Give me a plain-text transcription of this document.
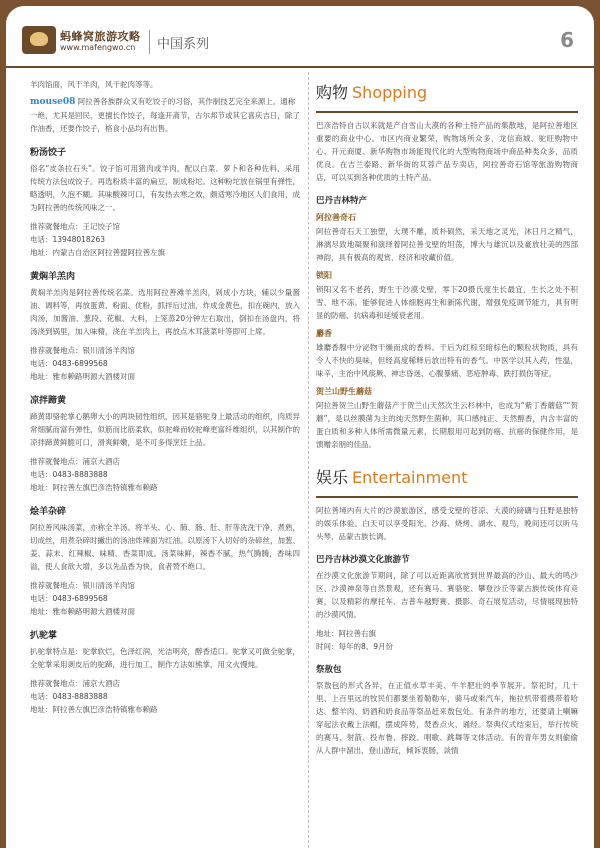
蚂蜂窝旅游攻略
www.mafengwo.cn 中国系列	6
羊肉馅面，风干羊肉，风干驼肉等等。
mouse08 阿拉善各族群众又有吃饺子的习俗，其作制技艺完全来源上。通称一绝，尤其是回民，更擅长作饺子，每逢开斋节，古尔邦节或其它喜庆吉日，除了作油香，还要作饺子，格食小品均有出售。
粉汤饺子
俗名“皮条拉石头”。饺子馅可用猪肉或羊肉，配以白菜、萝卜和各种佐料，采用传统方法包成饺子。再选粉质丰富的扁豆，制成粉坨。这种粉坨放在锅里有弹性，略透明，久泡不糊。其味酸辣可口，有发热去寒之效，颇适寒冷地区人们食用，成为阿拉善的传统风味之一。
推荐就餐地点：王记饺子馆
电话：13948018263
地址：内蒙古自治区阿拉善盟阿拉善左旗
黄焖羊羔肉
黄焖羊羔肉是阿拉善传统名菜。选用阿拉善滩羊羔肉，剁成小方块，辅以少量酱油、调料等，再放蛋黄、粉面、优粉，抓拌后过油，炸成金黄色，扣在碗内，放入肉汤，加酱油、葱段、花椒、大料，上笼蒸20分钟左右取出，倒扣在汤盘内，将汤浇到锅里，加入味精，浇在羊羔肉上，再放点木耳菠菜叶等即可上席。
推荐就餐地点：银川清汤羊肉馆
电话：0483-6899568
地址：雅布赖路明源大酒楼对面
凉拌蹄黄
蹄黄即骆驼掌心鹅卵大小的两块韧性组织，因其是骆驼身上最活动的组织，肉质异常细腻而富有弹性，似筋而比筋柔软，似驼峰而较驼峰更富纤维组织，以其制作的凉拌蹄黄鲜脆可口，滑爽鲜嫩，是不可多得烹饪上品。
推荐就餐地点：浦京大酒店
电话：0483-8883888
地址：阿拉善左旗巴彦浩特镇雅布赖路
烩羊杂碎
阿拉善风味汤菜，亦称全羊汤。将羊头、心、肺、肠、肚、肝等洗洗干净，煮熟，切成丝，用煮杂碎时撇出的汤油炸辣面为红油。以原汤下入切好的杂碎丝，加葱、姜、蒜末、红辣椒、味精、香菜即成。汤菜味鲜，辣香不腻，热气腾腾，香味四溢，使人食欲大增，多以先品香为快，食者赞不绝口。
推荐就餐地点：银川清汤羊肉馆
电话：0483-6899568
地址：雅布赖路明源大酒楼对面
扒驼掌
扒驼掌特点是：驼掌软烂，色泽红润，光洁明亮，醇香适口。驼掌又可做全驼掌，全驼掌采用剥皮后的驼蹄，进行加工，制作方法如熊掌，用文火慢炖。
推荐就餐地点：浦京大酒店
电话：0483-8883888
地址：阿拉善左旗巴彦浩特镇雅布赖路
购物 Shopping
巴彦浩特自古以来就是产自雪山大漠的各种土特产品的集散地，是阿拉善地区重要的商业中心。市区内商业繁荣，购物场所众多，龙信商城、驼旺购物中心、开元商厦、新华购物市场能现代化的大型购物商场中商品种类众多，品质优良。在吉兰泰路、新华街的苁蓉产品专卖店，阿拉善奇石馆等旅游购物商店，可以买到各种优质的土特产品。
巴丹吉林特产
阿拉善奇石
阿拉善奇石天工独塑，大璞不雕，质朴硕然，采天地之灵光，沐日月之精气，淋漓尽致地凝聚和演绎着阿拉善戈壁的坦荡，博大与雄沉以及豪放壮美的西部神韵，具有极高的观赏、经济和收藏价值。
锁阳
锁阳又名不老药，野生于沙漠戈壁，零下20摄氏度生长最宜，生长之处不积雪、地不冻。能够促进人体细胞再生和新陈代谢，增强免疫调节能力，具有明显的防癌、抗病毒和延缓衰老用。
麝香
雄麝香腺中分泌物干燥而成的香料。干后为红棕至暗棕色的颗粒状物质，具有令人不快的臭味，但经高度稀释后放出特有的香气。中医学以其入药，性温，味辛，主治中风痰厥、神志昏迷、心腹暴痛、恶疮肿毒、跌打损伤等症。
贺兰山野生蘑菇
阿拉善贺兰山野生蘑菇产于贺兰山天然次生云杉林中，也成为“紫丁香蘑菇”“贺蘑”，是以丝膜菌为主的纯天然野生菌种，其口感纯正、天然醇香，内含丰富的蛋白质和多种人体所需微量元素，长期服用可起到防癌、抗癌的保健作用，是馈赠亲朋的佳品。
娱乐 Entertainment
阿拉善境内有大片的沙漠旅游区，感受戈壁的苍凉、大漠的磅礴与狂野是独特的娱乐体验。白天可以享受阳光、沙海、烧烤、湖水、观鸟，晚间还可以听马头琴，品蒙古族长调。
巴丹吉林沙漠文化旅游节
在沙漠文化旅游节期间，除了可以近距离欣赏到世界最高的沙山、最大的鸣沙区、沙漠神泉等自然景观，还有赛马、赛骆驼、攀登沙丘等蒙古族传统体育竞赛，以及精彩的摩托车、吉普车越野赛、摄影、奇石展览活动，尽情展现独特的沙漠风情。
地址：阿拉善右旗
时间：每年的8、9月份
祭敖包
祭敖包的形式各异，在正值水草丰美、牛羊肥壮的季节展开。祭祀时，几十里、上百里远的牧民们都要坐着勒勒车，骑马或乘汽车，拖拉机带着携带着哈达、整羊肉、奶酒和奶食品等祭品赶来敖包处。有条件的地方，还要请上喇嘛穿起法衣戴上法帽，摆成阵势，焚香点火、诵经。祭典仪式结束后，举行传统的赛马、射箭、投布鲁、摔跤、唱歌、跳舞等文体活动。有的青年男女则偷偷从人群中溜出，登山游玩，倾诉衷肠，谈情
